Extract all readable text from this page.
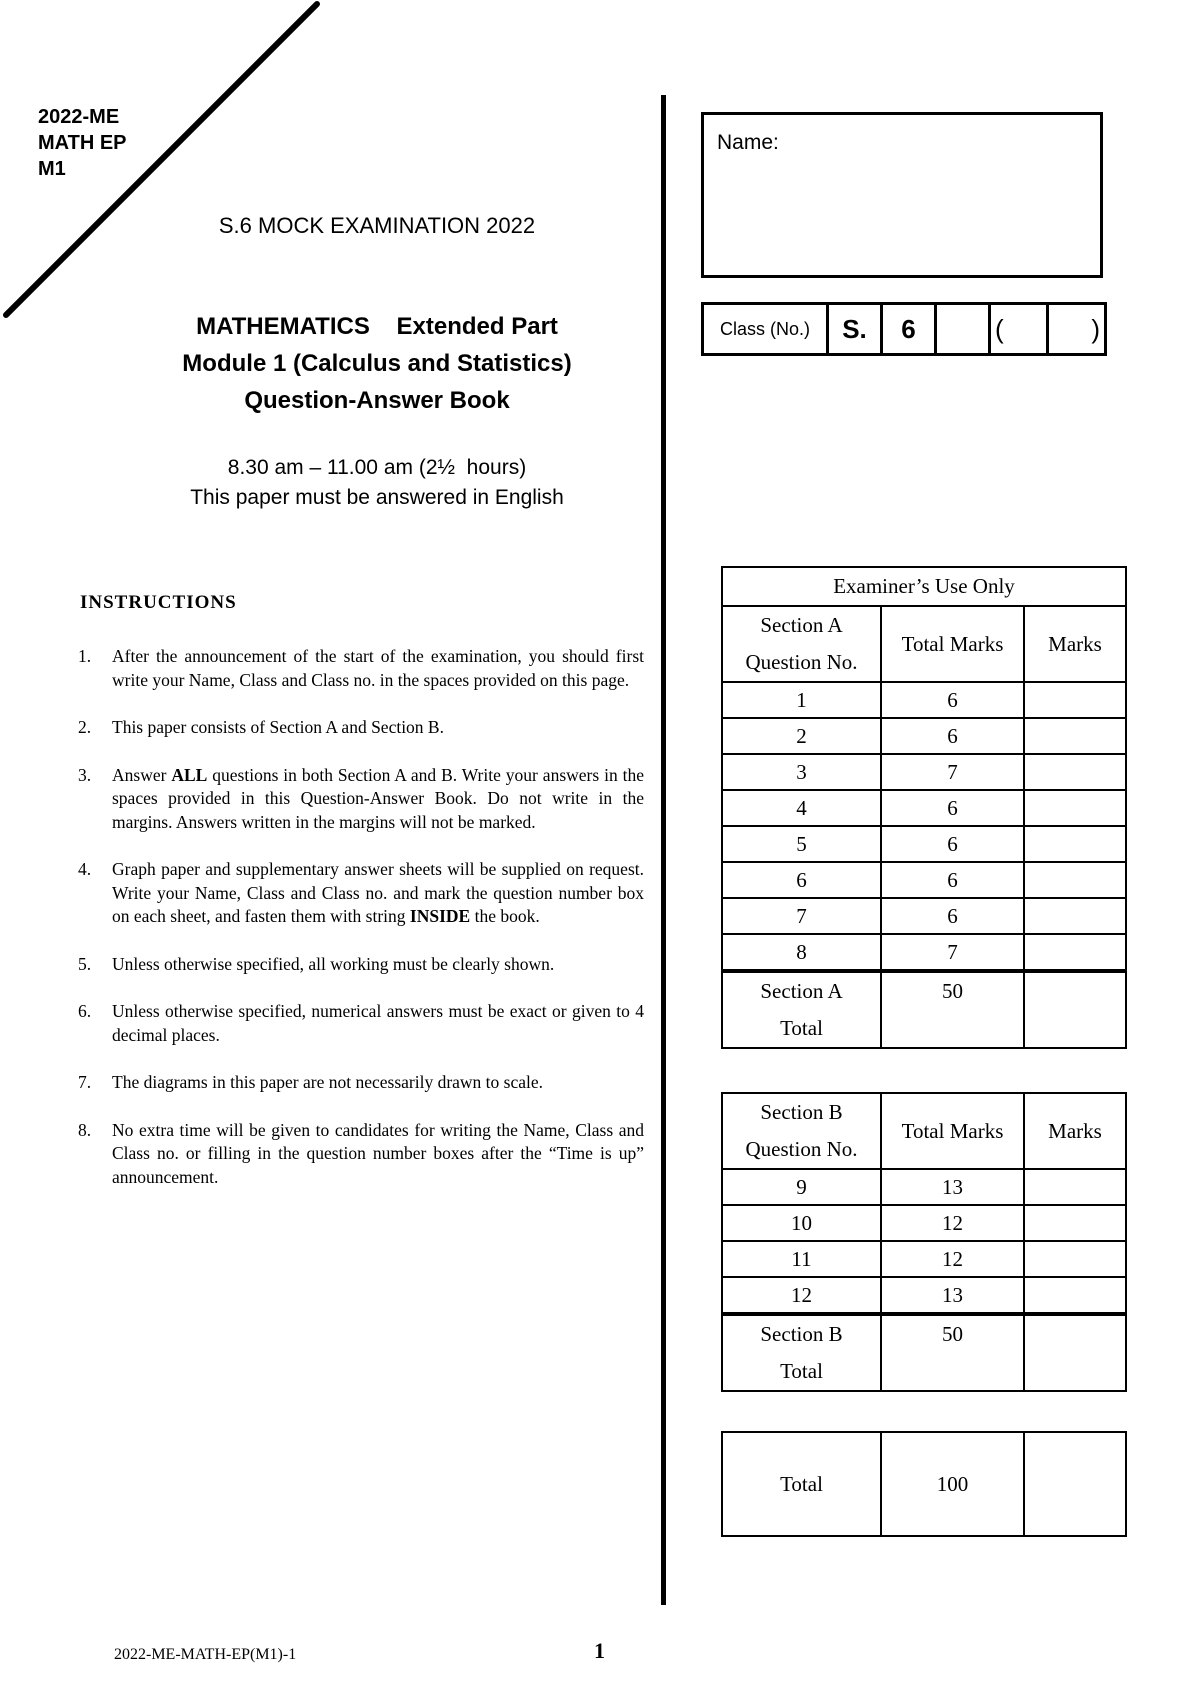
2022-ME
MATH EP
M1
S.6 MOCK EXAMINATION 2022
MATHEMATICS    Extended Part
Module 1 (Calculus and Statistics)
Question-Answer Book
8.30 am – 11.00 am (2½  hours)
This paper must be answered in English
INSTRUCTIONS
1.	After the announcement of the start of the examination, you should first write your Name, Class and Class no. in the spaces provided on this page.
2.	This paper consists of Section A and Section B.
3.	Answer ALL questions in both Section A and B. Write your answers in the spaces provided in this Question-Answer Book. Do not write in the margins. Answers written in the margins will not be marked.
4.	Graph paper and supplementary answer sheets will be supplied on request. Write your Name, Class and Class no. and mark the question number box on each sheet, and fasten them with string INSIDE the book.
5.	Unless otherwise specified, all working must be clearly shown.
6.	Unless otherwise specified, numerical answers must be exact or given to 4 decimal places.
7.	The diagrams in this paper are not necessarily drawn to scale.
8.	No extra time will be given to candidates for writing the Name, Class and Class no. or filling in the question number boxes after the “Time is up” announcement.
Name:
Class (No.)	S.	6		(	)
Examiner’s Use Only		

Section A
Question No.	Total Marks	Marks
1	6	
2	6	
3	7	
4	6	
5	6	
6	6	
7	6	
8	7	

Section A
Total	50	
Section B
Question No.	Total Marks	Marks
9	13	
10	12	
11	12	
12	13	

Section B
Total	50	
Total	100	
2022-ME-MATH-EP(M1)-1	1
